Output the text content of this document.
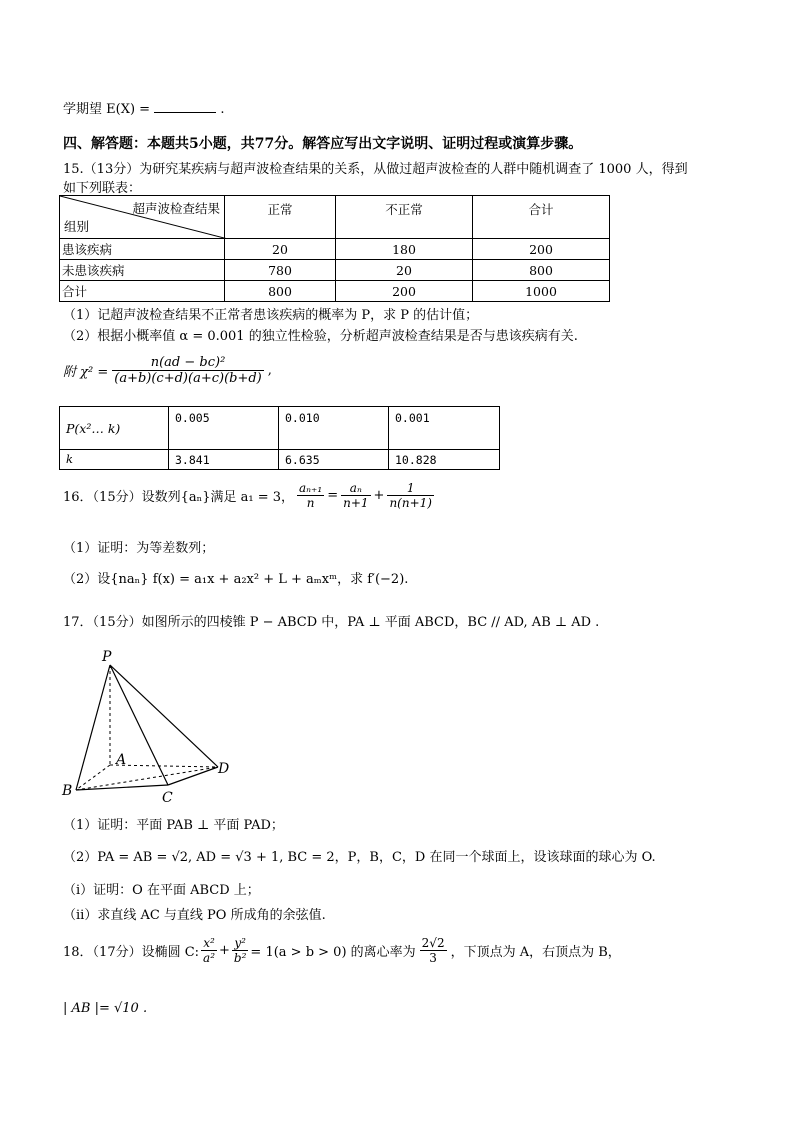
学期望 E(X) =	.
四、解答题：本题共5小题，共77分。解答应写出文字说明、证明过程或演算步骤。
15.（13分）为研究某疾病与超声波检查结果的关系，从做过超声波检查的人群中随机调查了 1000 人，得到
如下列联表：
超声波检查结果
组别	正常	不正常	合计
患该疾病	20	180	200
未患该疾病	780	20	800
合计	800	200	1000
（1）记超声波检查结果不正常者患该疾病的概率为 P，求 P 的估计值；
（2）根据小概率值 α = 0.001 的独立性检验，分析超声波检查结果是否与患该疾病有关.
附 $\chi^2 = \frac{\text{n(ad − bc)²}}{(a+b)(c+d)(a+c)(b+d)}$ ,
P(x²… k)	0.005	0.010	0.001
k	3.841	6.635	10.828
16．（15分）设数列{aₙ}满足 a₁ = 3， $\frac{\text{aₙ₊₁}}{n} = \frac{\text{aₙ}}{n+1} + \frac{1}{n(n+1)}$
（1）证明：为等差数列；
（2）设{naₙ} f(x) = a₁x + a₂x² + L + aₘxᵐ，求 f′(−2).
17．（15分）如图所示的四棱锥 P − ABCD 中，PA ⊥ 平面 ABCD，BC // AD, AB ⊥ AD .
P
A
B	C
D
（1）证明：平面 PAB ⊥ 平面 PAD；
（2）PA = AB = √2, AD = √3 + 1, BC = 2，P，B，C，D 在同一个球面上，设该球面的球心为 O.
（i）证明：O 在平面 ABCD 上；
（ii）求直线 AC 与直线 PO 所成角的余弦值.
18．（17分）设椭圆 C: $\frac{\text{x²}}{\text{a²}} + \frac{\text{y²}}{\text{b²}} = 1(a > b > 0)$ 的离心率为 $\frac{2√2}{3}$ ，下顶点为 A，右顶点为 B，
| AB |= √10 .
